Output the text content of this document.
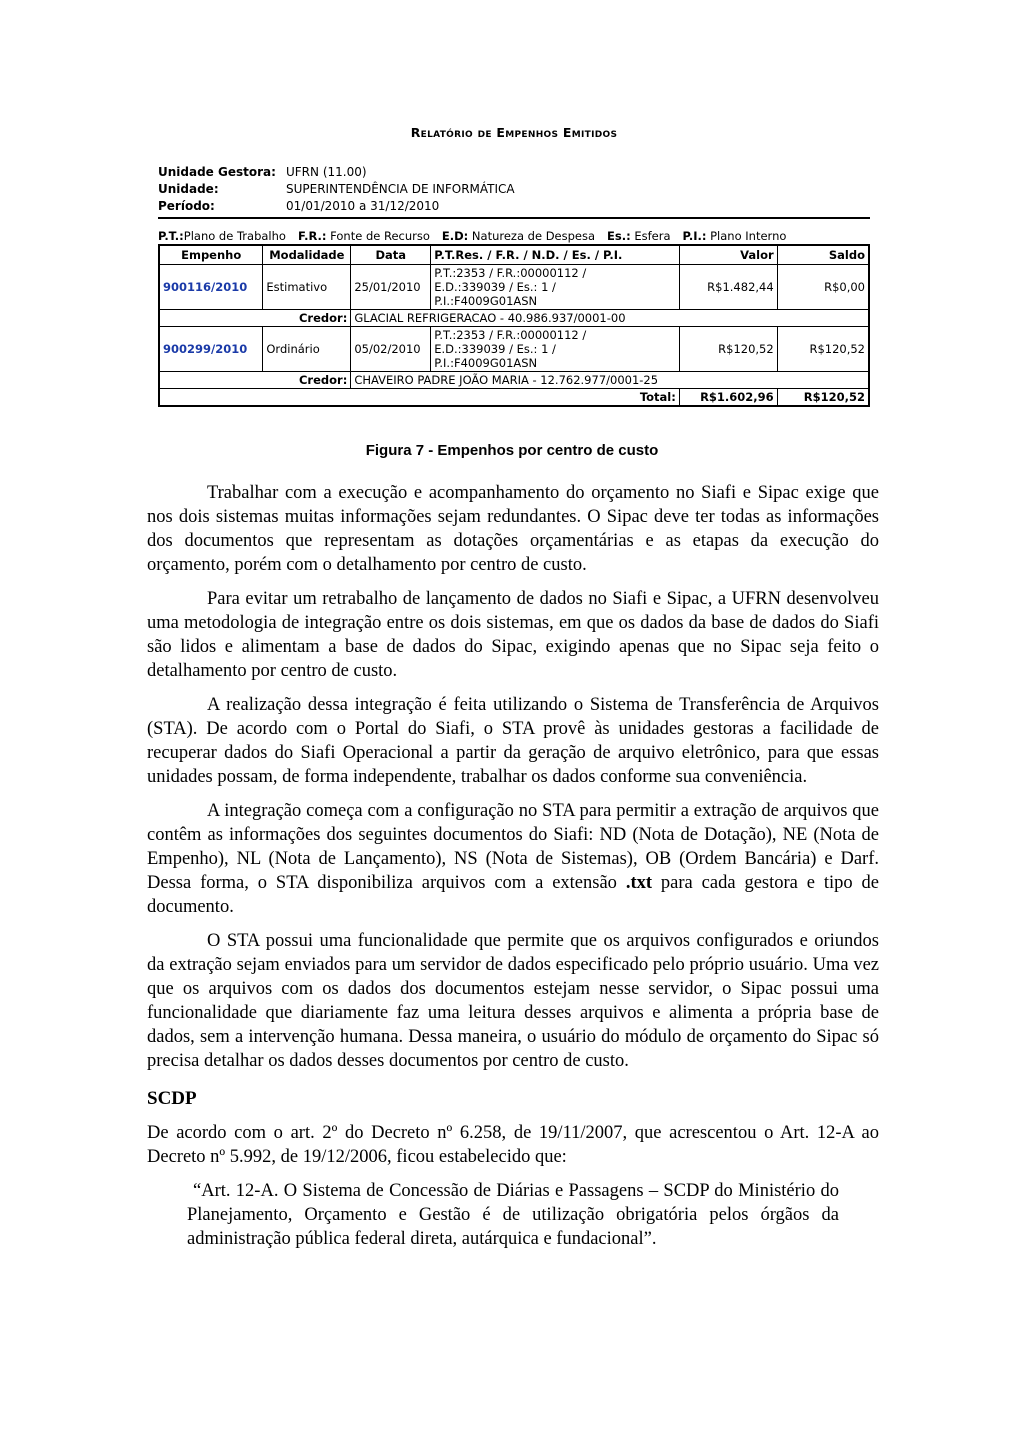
Relatório de Empenhos Emitidos
Unidade Gestora: UFRN (11.00)
Unidade:	SUPERINTENDÊNCIA DE INFORMÁTICA
Período:	01/01/2010 a 31/12/2010
P.T.:Plano de Trabalho F.R.: Fonte de Recurso E.D: Natureza de Despesa Es.: Esfera P.I.: Plano Interno
Empenho	Modalidade	Data	P.T.Res. / F.R. / N.D. / Es. / P.I.	Valor	Saldo
900116/2010	Estimativo	25/01/2010	P.T.:2353 / F.R.:00000112 /
E.D.:339039 / Es.: 1 /
P.I.:F4009G01ASN	R$1.482,44	R$0,00
Credor:		GLACIAL REFRIGERACAO - 40.986.937/0001-00			
900299/2010	Ordinário	05/02/2010	P.T.:2353 / F.R.:00000112 /
E.D.:339039 / Es.: 1 /
P.I.:F4009G01ASN	R$120,52	R$120,52
Credor:		CHAVEIRO PADRE JOÃO MARIA - 12.762.977/0001-25			
Total:				R$1.602,96	R$120,52
Figura 7 - Empenhos por centro de custo

Trabalhar com a execução e acompanhamento do orçamento no Siafi e Sipac exige que nos dois sistemas muitas informações sejam redundantes. O Sipac deve ter todas as informações dos documentos que representam as dotações orçamentárias e as etapas da execução do orçamento, porém com o detalhamento por centro de custo.

Para evitar um retrabalho de lançamento de dados no Siafi e Sipac, a UFRN desenvolveu uma metodologia de integração entre os dois sistemas, em que os dados da base de dados do Siafi são lidos e alimentam a base de dados do Sipac, exigindo apenas que no Sipac seja feito o detalhamento por centro de custo.

A realização dessa integração é feita utilizando o Sistema de Transferência de Arquivos (STA). De acordo com o Portal do Siafi, o STA provê às unidades gestoras a facilidade de recuperar dados do Siafi Operacional a partir da geração de arquivo eletrônico, para que essas unidades possam, de forma independente, trabalhar os dados conforme sua conveniência.

A integração começa com a configuração no STA para permitir a extração de arquivos que contêm as informações dos seguintes documentos do Siafi: ND (Nota de Dotação), NE (Nota de Empenho), NL (Nota de Lançamento), NS (Nota de Sistemas), OB (Ordem Bancária) e Darf. Dessa forma, o STA disponibiliza arquivos com a extensão .txt para cada gestora e tipo de documento.

O STA possui uma funcionalidade que permite que os arquivos configurados e oriundos da extração sejam enviados para um servidor de dados especificado pelo próprio usuário. Uma vez que os arquivos com os dados dos documentos estejam nesse servidor, o Sipac possui uma funcionalidade que diariamente faz uma leitura desses arquivos e alimenta a própria base de dados, sem a intervenção humana. Dessa maneira, o usuário do módulo de orçamento do Sipac só precisa detalhar os dados desses documentos por centro de custo.

SCDP

De acordo com o art. 2º do Decreto nº 6.258, de 19/11/2007, que acrescentou o Art. 12-A ao Decreto nº 5.992, de 19/12/2006, ficou estabelecido que:

“Art. 12-A. O Sistema de Concessão de Diárias e Passagens – SCDP do Ministério do Planejamento, Orçamento e Gestão é de utilização obrigatória pelos órgãos da administração pública federal direta, autárquica e fundacional”.
